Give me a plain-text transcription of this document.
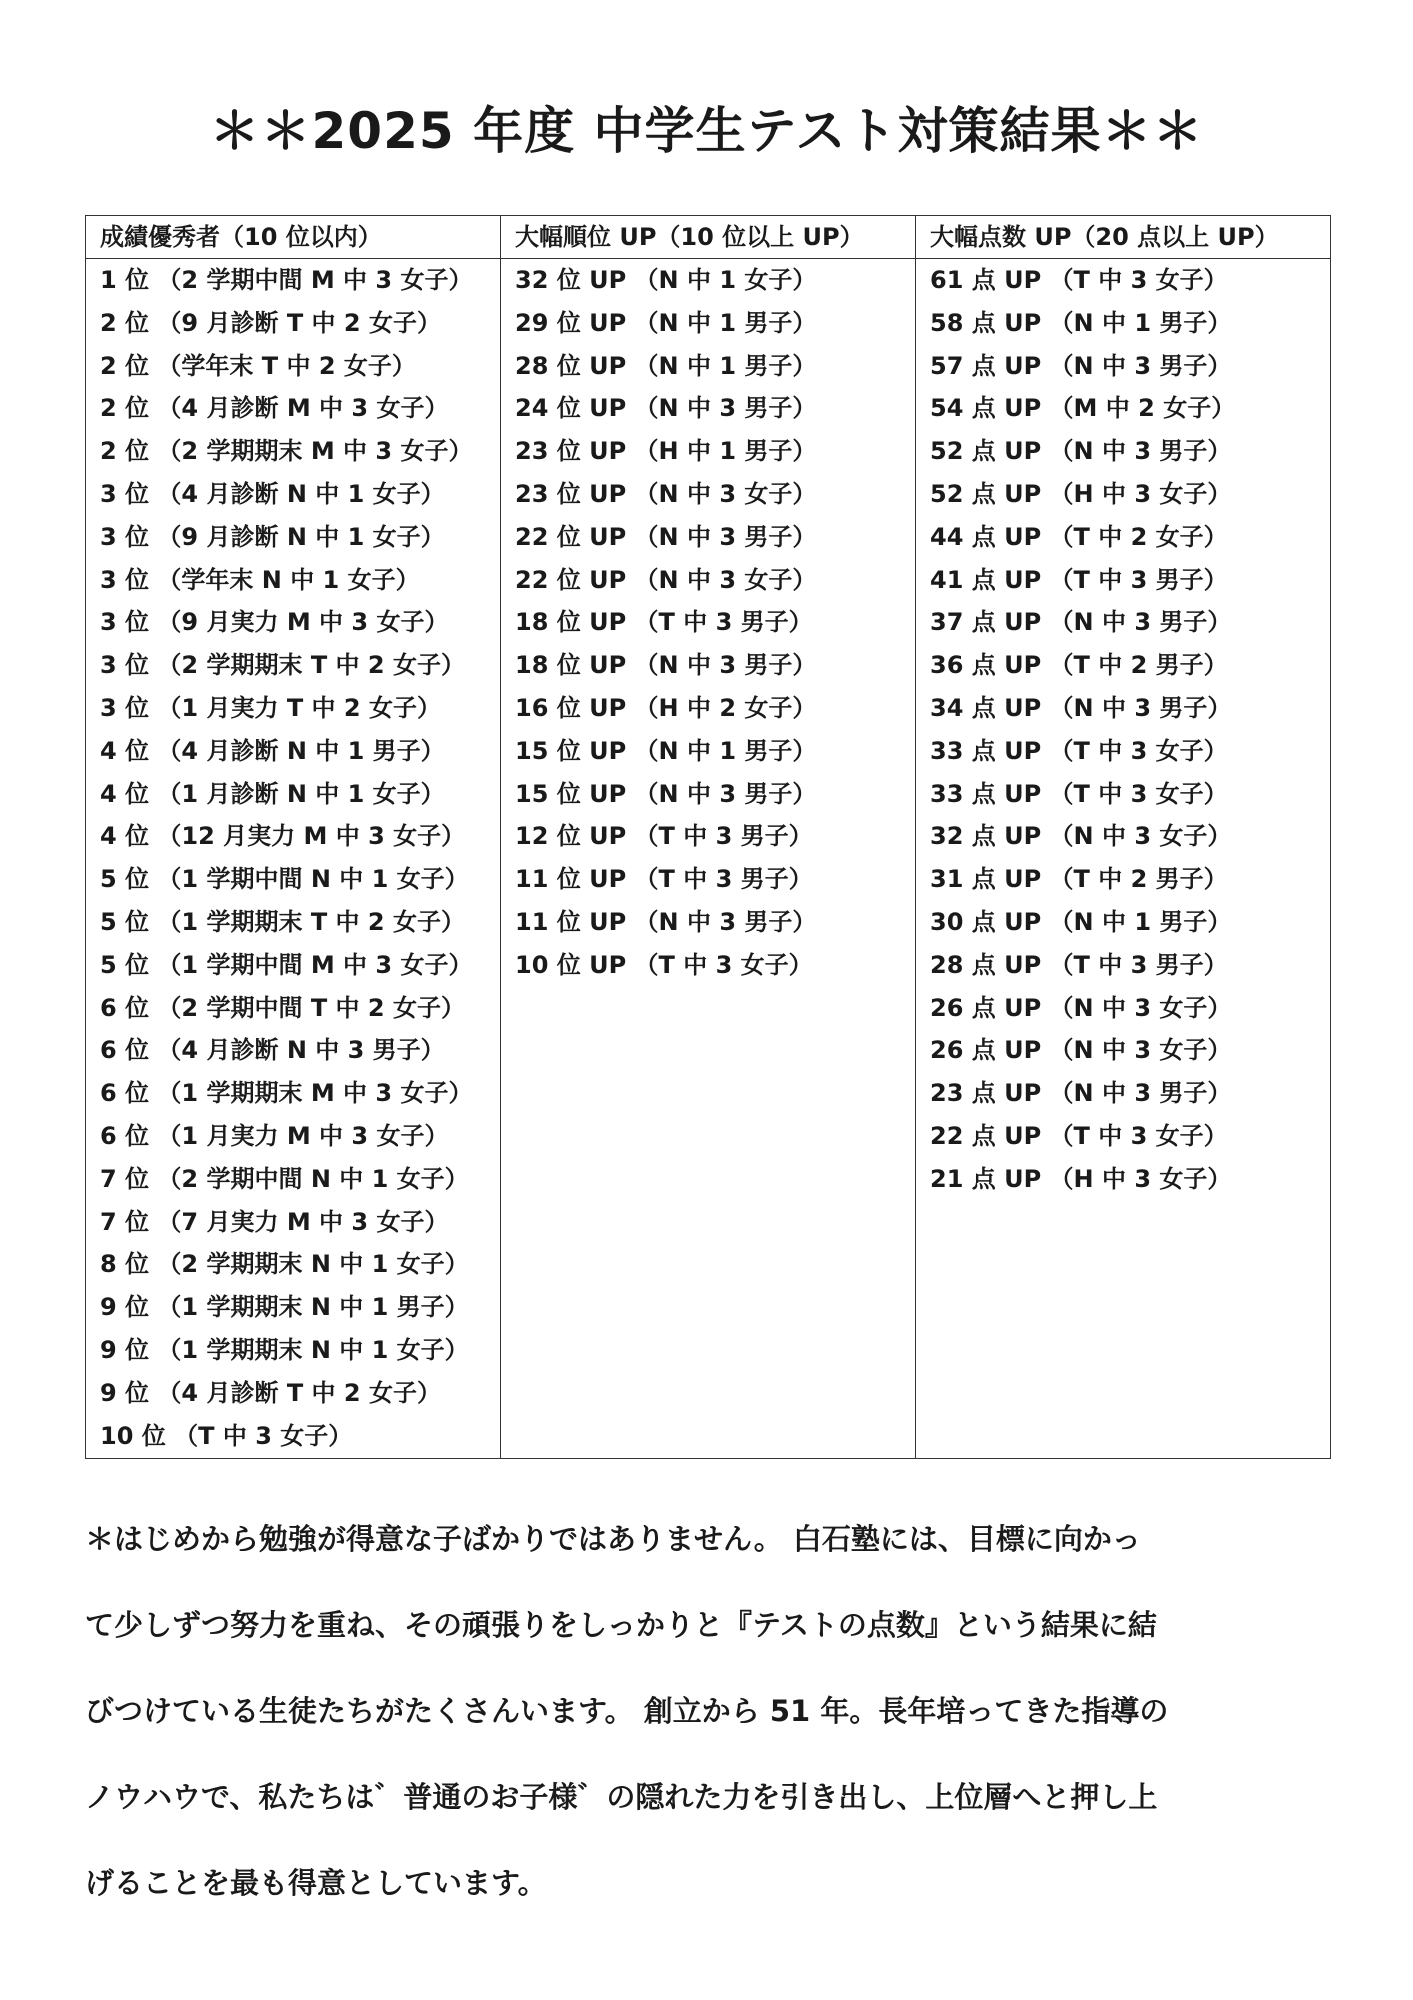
＊＊2025 年度 中学生テスト対策結果＊＊
成績優秀者（10 位以内）
1 位 （2 学期中間 M 中 3 女子）
2 位 （9 月診断 T 中 2 女子）
2 位 （学年末 T 中 2 女子）
2 位 （4 月診断 M 中 3 女子）
2 位 （2 学期期末 M 中 3 女子）
3 位 （4 月診断 N 中 1 女子）
3 位 （9 月診断 N 中 1 女子）
3 位 （学年末 N 中 1 女子）
3 位 （9 月実力 M 中 3 女子）
3 位 （2 学期期末 T 中 2 女子）
3 位 （1 月実力 T 中 2 女子）
4 位 （4 月診断 N 中 1 男子）
4 位 （1 月診断 N 中 1 女子）
4 位 （12 月実力 M 中 3 女子）
5 位 （1 学期中間 N 中 1 女子）
5 位 （1 学期期末 T 中 2 女子）
5 位 （1 学期中間 M 中 3 女子）
6 位 （2 学期中間 T 中 2 女子）
6 位 （4 月診断 N 中 3 男子）
6 位 （1 学期期末 M 中 3 女子）
6 位 （1 月実力 M 中 3 女子）
7 位 （2 学期中間 N 中 1 女子）
7 位 （7 月実力 M 中 3 女子）
8 位 （2 学期期末 N 中 1 女子）
9 位 （1 学期期末 N 中 1 男子）
9 位 （1 学期期末 N 中 1 女子）
9 位 （4 月診断 T 中 2 女子）
10 位 （T 中 3 女子）
大幅順位 UP（10 位以上 UP）
32 位 UP （N 中 1 女子）
29 位 UP （N 中 1 男子）
28 位 UP （N 中 1 男子）
24 位 UP （N 中 3 男子）
23 位 UP （H 中 1 男子）
23 位 UP （N 中 3 女子）
22 位 UP （N 中 3 男子）
22 位 UP （N 中 3 女子）
18 位 UP （T 中 3 男子）
18 位 UP （N 中 3 男子）
16 位 UP （H 中 2 女子）
15 位 UP （N 中 1 男子）
15 位 UP （N 中 3 男子）
12 位 UP （T 中 3 男子）
11 位 UP （T 中 3 男子）
11 位 UP （N 中 3 男子）
10 位 UP （T 中 3 女子）
大幅点数 UP（20 点以上 UP）
61 点 UP （T 中 3 女子）
58 点 UP （N 中 1 男子）
57 点 UP （N 中 3 男子）
54 点 UP （M 中 2 女子）
52 点 UP （N 中 3 男子）
52 点 UP （H 中 3 女子）
44 点 UP （T 中 2 女子）
41 点 UP （T 中 3 男子）
37 点 UP （N 中 3 男子）
36 点 UP （T 中 2 男子）
34 点 UP （N 中 3 男子）
33 点 UP （T 中 3 女子）
33 点 UP （T 中 3 女子）
32 点 UP （N 中 3 女子）
31 点 UP （T 中 2 男子）
30 点 UP （N 中 1 男子）
28 点 UP （T 中 3 男子）
26 点 UP （N 中 3 女子）
26 点 UP （N 中 3 女子）
23 点 UP （N 中 3 男子）
22 点 UP （T 中 3 女子）
21 点 UP （H 中 3 女子）

＊はじめから勉強が得意な子ばかりではありません。 白石塾には、目標に向かっ
て少しずつ努力を重ね、その頑張りをしっかりと『テストの点数』という結果に結
びつけている生徒たちがたくさんいます。 創立から 51 年。長年培ってきた指導の
ノウハウで、私たちは゛普通のお子様゛の隠れた力を引き出し、上位層へと押し上
げることを最も得意としています。
